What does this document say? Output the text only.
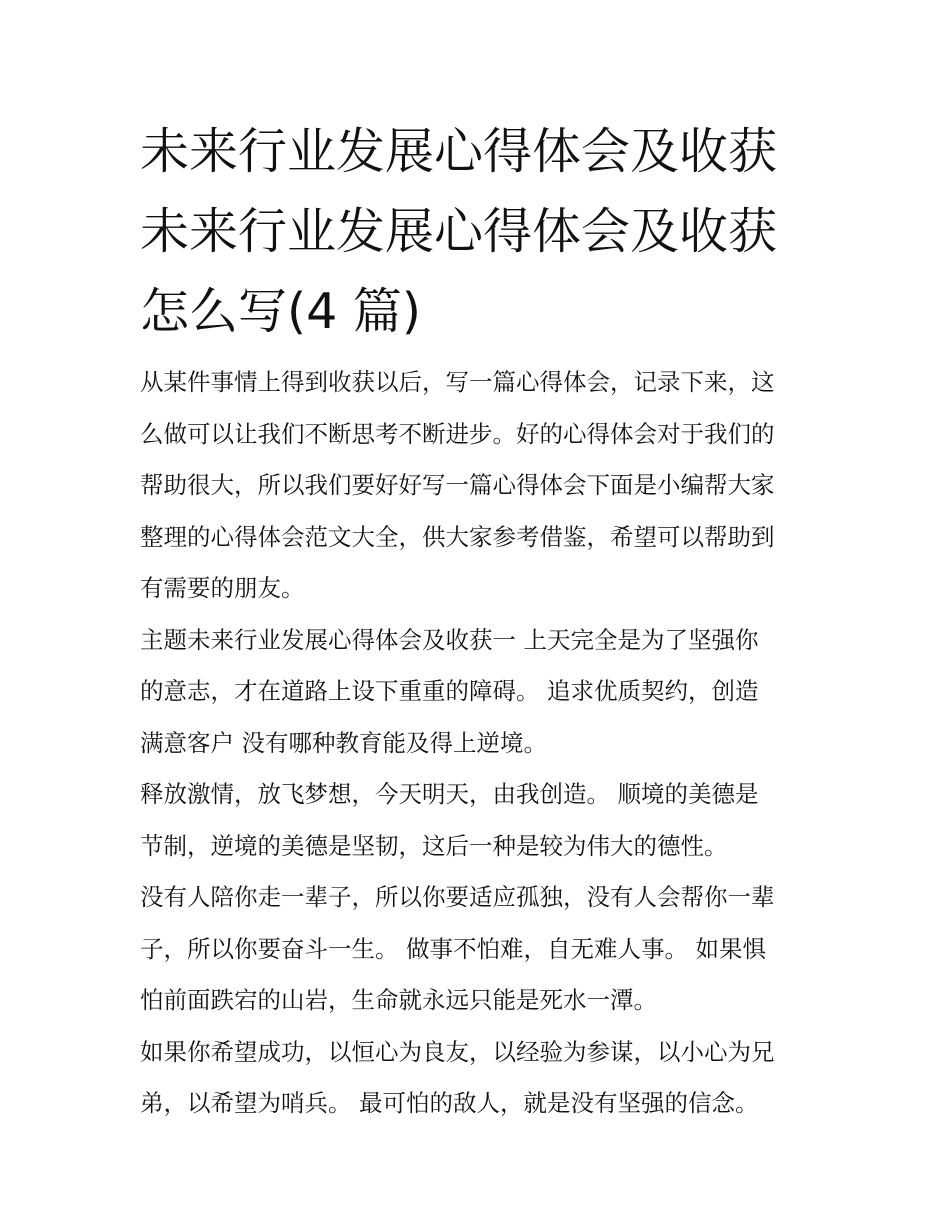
未来行业发展心得体会及收获
未来行业发展心得体会及收获
怎么写(4 篇)

从某件事情上得到收获以后，写一篇心得体会，记录下来，这
么做可以让我们不断思考不断进步。好的心得体会对于我们的
帮助很大，所以我们要好好写一篇心得体会下面是小编帮大家
整理的心得体会范文大全，供大家参考借鉴，希望可以帮助到
有需要的朋友。

主题未来行业发展心得体会及收获一 上天完全是为了坚强你
的意志，才在道路上设下重重的障碍。 追求优质契约，创造
满意客户 没有哪种教育能及得上逆境。

释放激情，放飞梦想，今天明天，由我创造。 顺境的美德是
节制，逆境的美德是坚韧，这后一种是较为伟大的德性。

没有人陪你走一辈子，所以你要适应孤独，没有人会帮你一辈
子，所以你要奋斗一生。 做事不怕难，自无难人事。 如果惧
怕前面跌宕的山岩，生命就永远只能是死水一潭。

如果你希望成功，以恒心为良友，以经验为参谋，以小心为兄
弟，以希望为哨兵。 最可怕的敌人，就是没有坚强的信念。
